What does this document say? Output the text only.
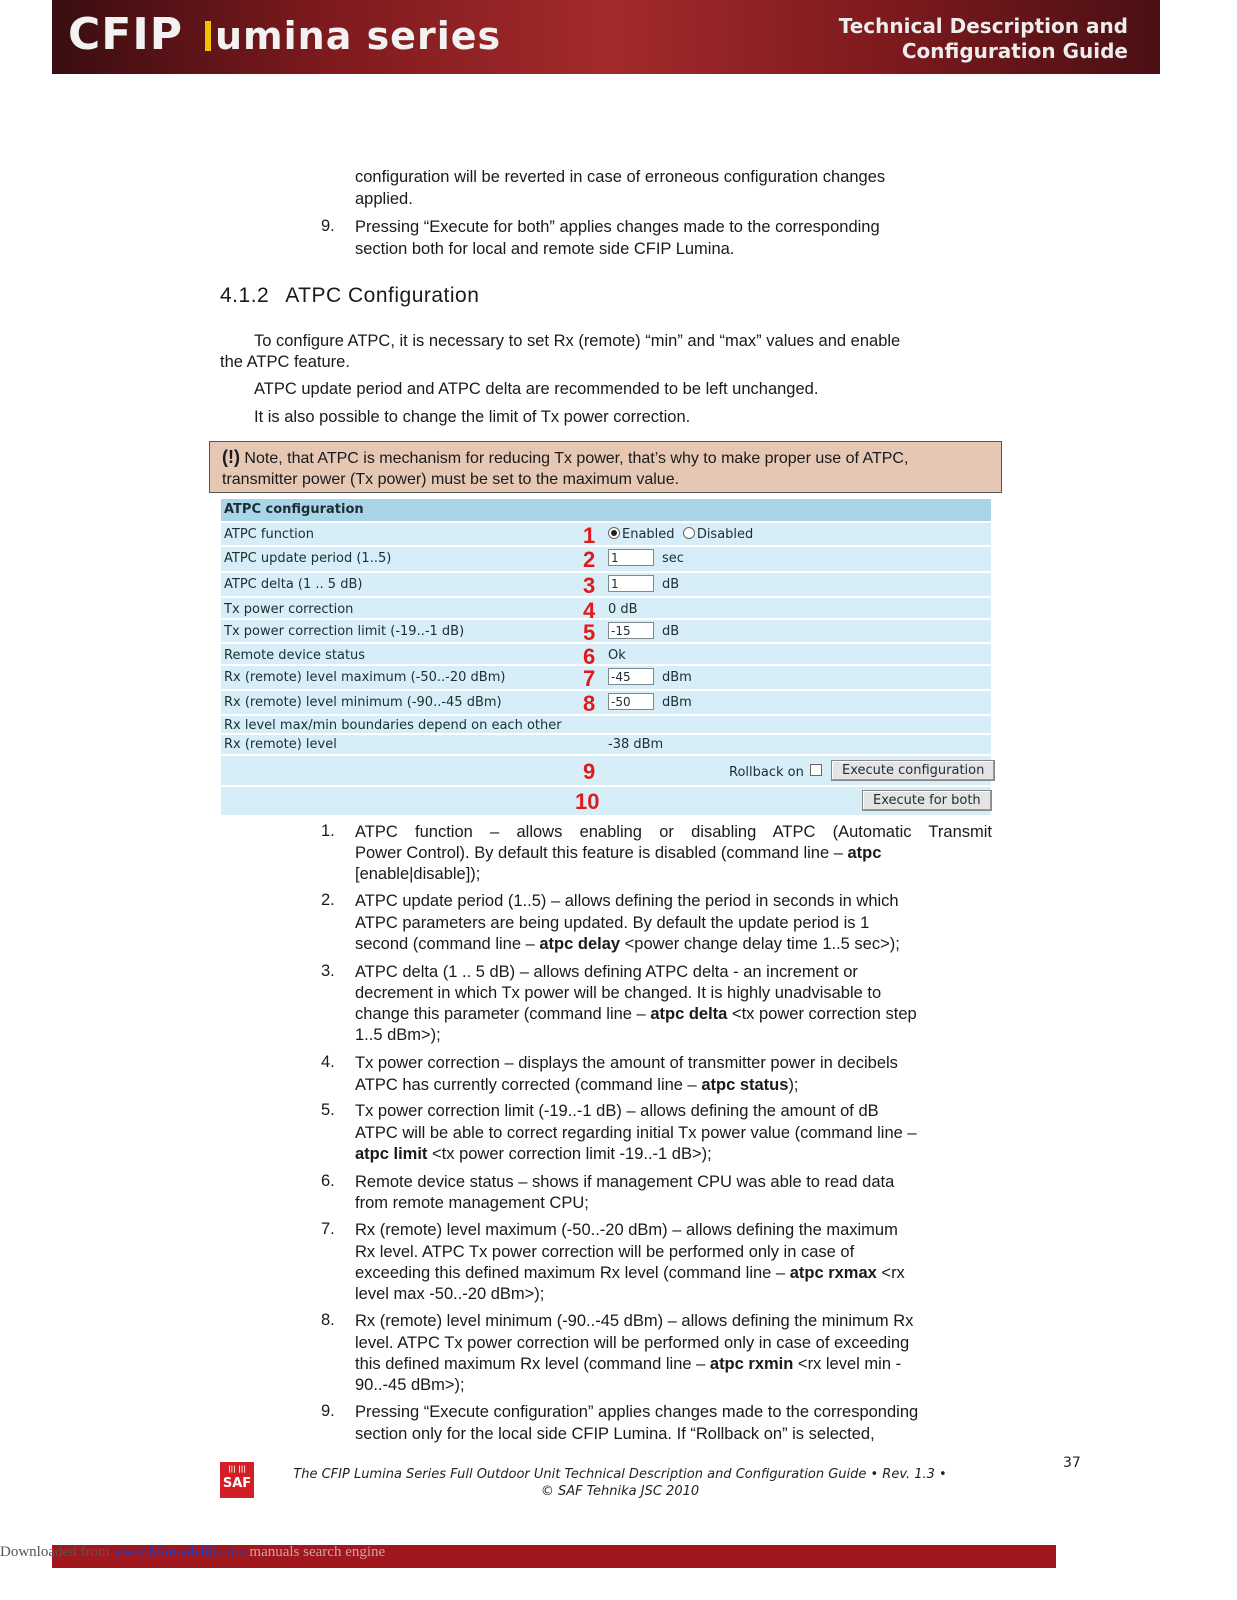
CFIP umina series	Technical Description and
Configuration Guide
configuration will be reverted in case of erroneous configuration changes
applied.
9. Pressing “Execute for both” applies changes made to the corresponding
section both for local and remote side CFIP Lumina.
4.1.2 ATPC Configuration
To configure ATPC, it is necessary to set Rx (remote) “min” and “max” values and enable
the ATPC feature.
ATPC update period and ATPC delta are recommended to be left unchanged.
It is also possible to change the limit of Tx power correction.
(!) Note, that ATPC is mechanism for reducing Tx power, that’s why to make proper use of ATPC,
transmitter power (Tx power) must be set to the maximum value.
ATPC configuration
ATPC function	1	Enabled Disabled
ATPC update period (1..5)	2 1	sec
ATPC delta (1 .. 5 dB)	3 1	dB
Tx power correction	4 0 dB
Tx power correction limit (-19..-1 dB)	5 -15	dB
Remote device status	6 Ok
Rx (remote) level maximum (-50..-20 dBm)	7 -45	dBm
Rx (remote) level minimum (-90..-45 dBm)	8 -50	dBm
Rx level max/min boundaries depend on each other
Rx (remote) level	-38 dBm
9	Rollback on	Execute configuration
10	Execute for both
1. ATPC function – allows enabling or disabling ATPC (Automatic Transmit
Power Control). By default this feature is disabled (command line – atpc
[enable|disable]);
2. ATPC update period (1..5) – allows defining the period in seconds in which
ATPC parameters are being updated. By default the update period is 1
second (command line – atpc delay <power change delay time 1..5 sec>);
3. ATPC delta (1 .. 5 dB) – allows defining ATPC delta - an increment or
decrement in which Tx power will be changed. It is highly unadvisable to
change this parameter (command line – atpc delta <tx power correction step
1..5 dBm>);
4. Tx power correction – displays the amount of transmitter power in decibels
ATPC has currently corrected (command line – atpc status);
5. Tx power correction limit (-19..-1 dB) – allows defining the amount of dB
ATPC will be able to correct regarding initial Tx power value (command line –
atpc limit <tx power correction limit -19..-1 dB>);
6. Remote device status – shows if management CPU was able to read data
from remote management CPU;
7. Rx (remote) level maximum (-50..-20 dBm) – allows defining the maximum
Rx level. ATPC Tx power correction will be performed only in case of
exceeding this defined maximum Rx level (command line – atpc rxmax <rx
level max -50..-20 dBm>);
8. Rx (remote) level minimum (-90..-45 dBm) – allows defining the minimum Rx
level. ATPC Tx power correction will be performed only in case of exceeding
this defined maximum Rx level (command line – atpc rxmin <rx level min -
90..-45 dBm>);
9. Pressing “Execute configuration” applies changes made to the corresponding
section only for the local side CFIP Lumina. If “Rollback on” is selected,
37
||| ||| SAF
The CFIP Lumina Series Full Outdoor Unit Technical Description and Configuration Guide • Rev. 1.3 •
© SAF Tehnika JSC 2010
Downloaded from www.Manualslib.com manuals search engine
